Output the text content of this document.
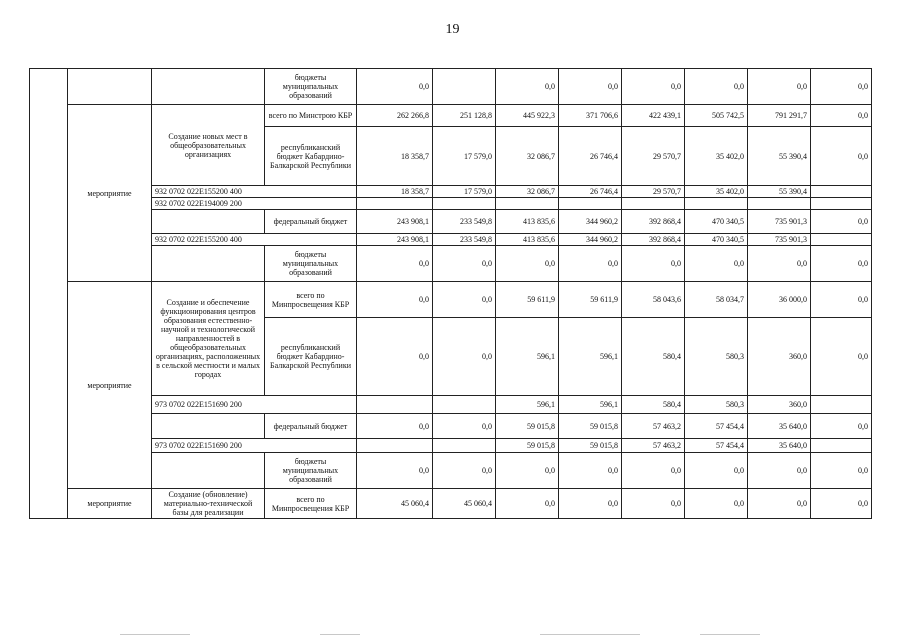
19
			бюджеты муниципальных образований	0,0		0,0	0,0	0,0	0,0	0,0	0,0
	мероприятие	Создание новых мест в общеобразовательных организациях	всего по Минстрою КБР	262 266,8	251 128,8	445 922,3	371 706,6	422 439,1	505 742,5	791 291,7	0,0
			республиканский бюджет Кабардино-Балкарской Республики	18 358,7	17 579,0	32 086,7	26 746,4	29 570,7	35 402,0	55 390,4	0,0
		932 0702 022E155200 400		18 358,7	17 579,0	32 086,7	26 746,4	29 570,7	35 402,0	55 390,4	
		932 0702 022E194009 200									
			федеральный бюджет	243 908,1	233 549,8	413 835,6	344 960,2	392 868,4	470 340,5	735 901,3	0,0
		932 0702 022E155200 400		243 908,1	233 549,8	413 835,6	344 960,2	392 868,4	470 340,5	735 901,3	
			бюджеты муниципальных образований	0,0	0,0	0,0	0,0	0,0	0,0	0,0	0,0
	мероприятие	Создание и обеспечение функционирования центров образования естественно-научной и технологической направленностей в общеобразовательных организациях, расположенных в сельской местности и малых городах	всего по Минпросвещения КБР	0,0	0,0	59 611,9	59 611,9	58 043,6	58 034,7	36 000,0	0,0
			республиканский бюджет Кабардино-Балкарской Республики	0,0	0,0	596,1	596,1	580,4	580,3	360,0	0,0
		973 0702 022E151690 200				596,1	596,1	580,4	580,3	360,0	
			федеральный бюджет	0,0	0,0	59 015,8	59 015,8	57 463,2	57 454,4	35 640,0	0,0
		973 0702 022E151690 200				59 015,8	59 015,8	57 463,2	57 454,4	35 640,0	
			бюджеты муниципальных образований	0,0	0,0	0,0	0,0	0,0	0,0	0,0	0,0
	мероприятие	Создание (обновление) материально-технической базы для реализации	всего по Минпросвещения КБР	45 060,4	45 060,4	0,0	0,0	0,0	0,0	0,0	0,0
